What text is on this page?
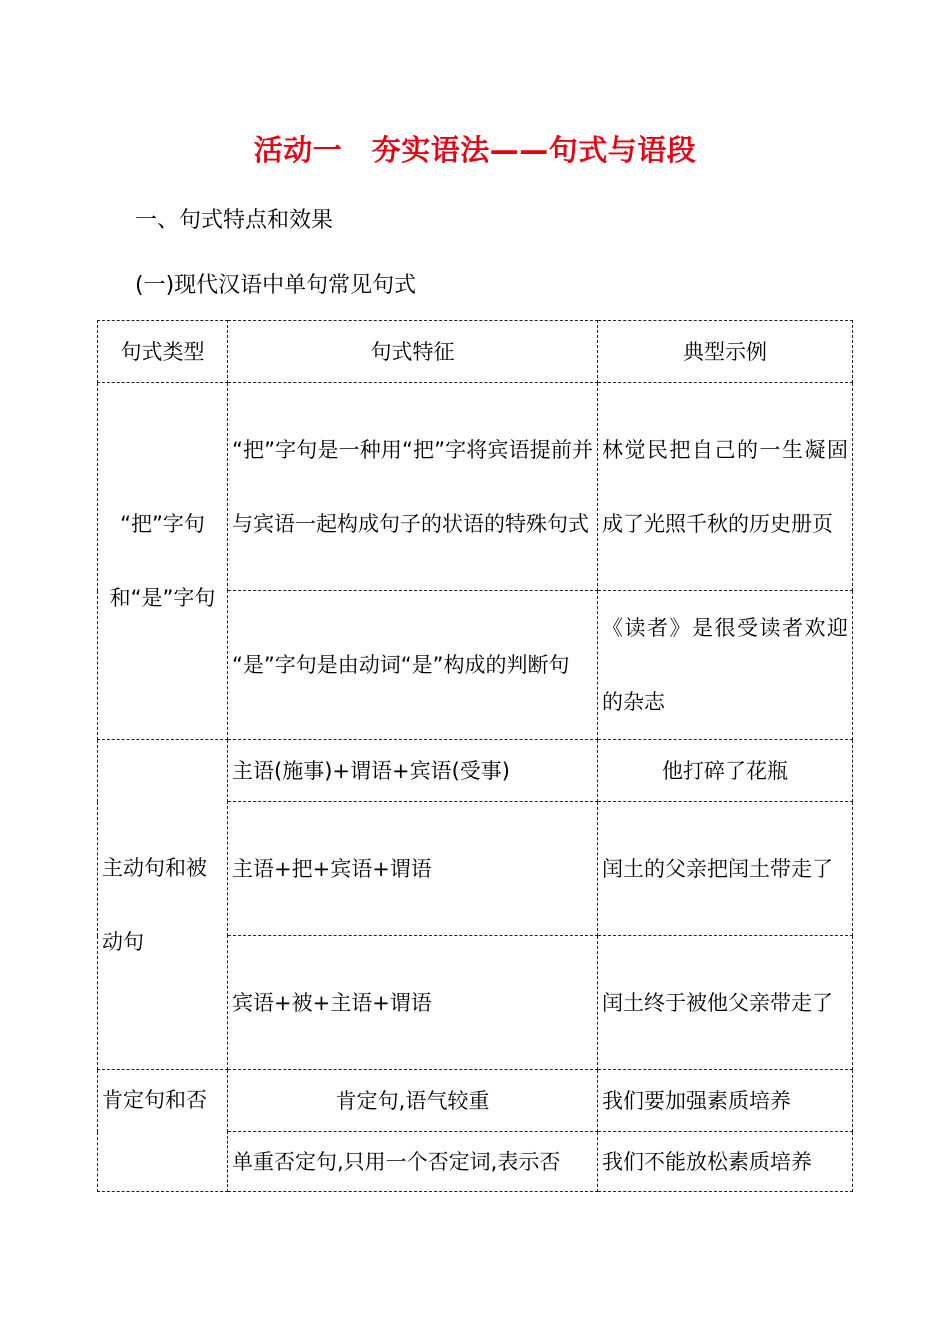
活动一　夯实语法——句式与语段
一、句式特点和效果
(一)现代汉语中单句常见句式
句式类型	句式特征	典型示例
“把”字句和“是”字句	“把”字句是一种用“把”字将宾语提前并与宾语一起构成句子的状语的特殊句式	林觉民把自己的一生凝固成了光照千秋的历史册页
	“是”字句是由动词“是”构成的判断句	《读者》是很受读者欢迎的杂志
主动句和被动句	主语(施事)+谓语+宾语(受事)	他打碎了花瓶
	主语+把+宾语+谓语	闰土的父亲把闰土带走了
	宾语+被+主语+谓语	闰土终于被他父亲带走了
肯定句和否	肯定句,语气较重	我们要加强素质培养
	单重否定句,只用一个否定词,表示否	我们不能放松素质培养
